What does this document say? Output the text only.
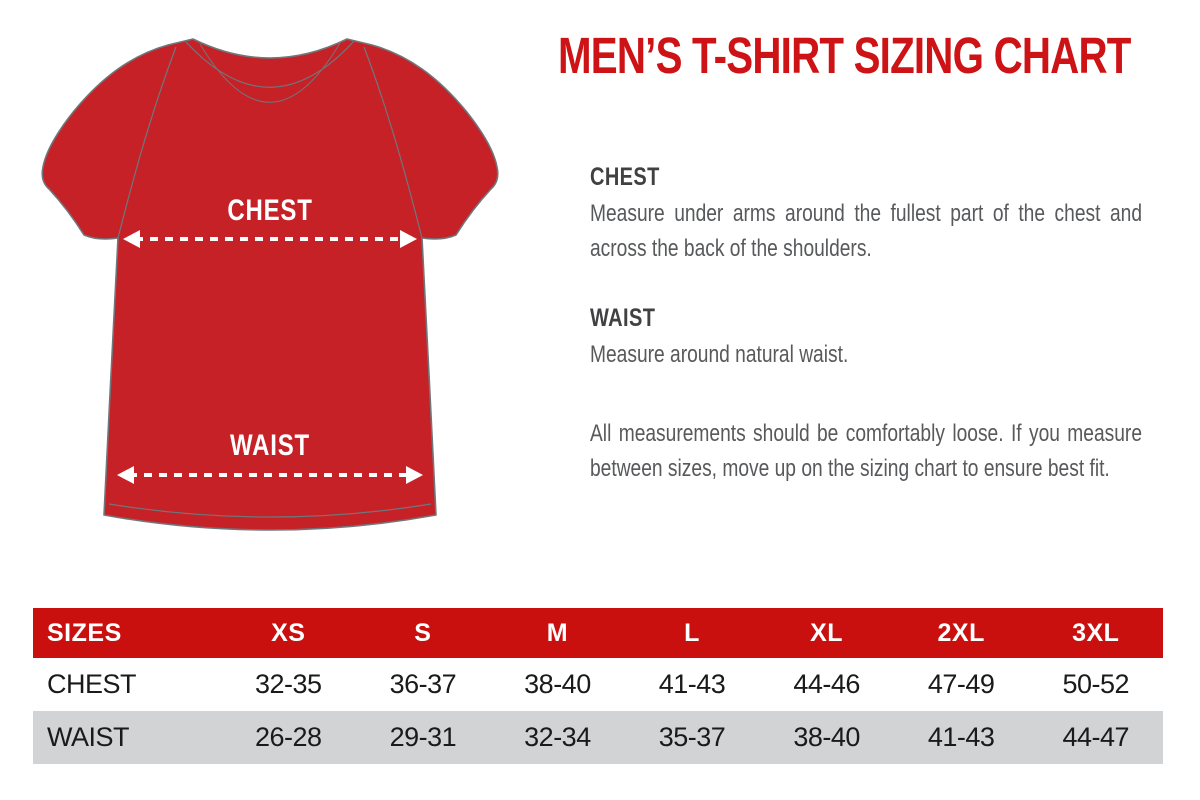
CHEST
WAIST
MEN’S T-SHIRT SIZING CHART
CHEST

Measure under arms around the fullest part of the chest and across the back of the shoulders.

WAIST

Measure around natural waist.

All measurements should be comfortably loose. If you measure between sizes, move up on the sizing chart to ensure best fit.

SIZES	XS	S	M	L	XL	2XL	3XL
CHEST	32-35	36-37	38-40	41-43	44-46	47-49	50-52
WAIST	26-28	29-31	32-34	35-37	38-40	41-43	44-47
